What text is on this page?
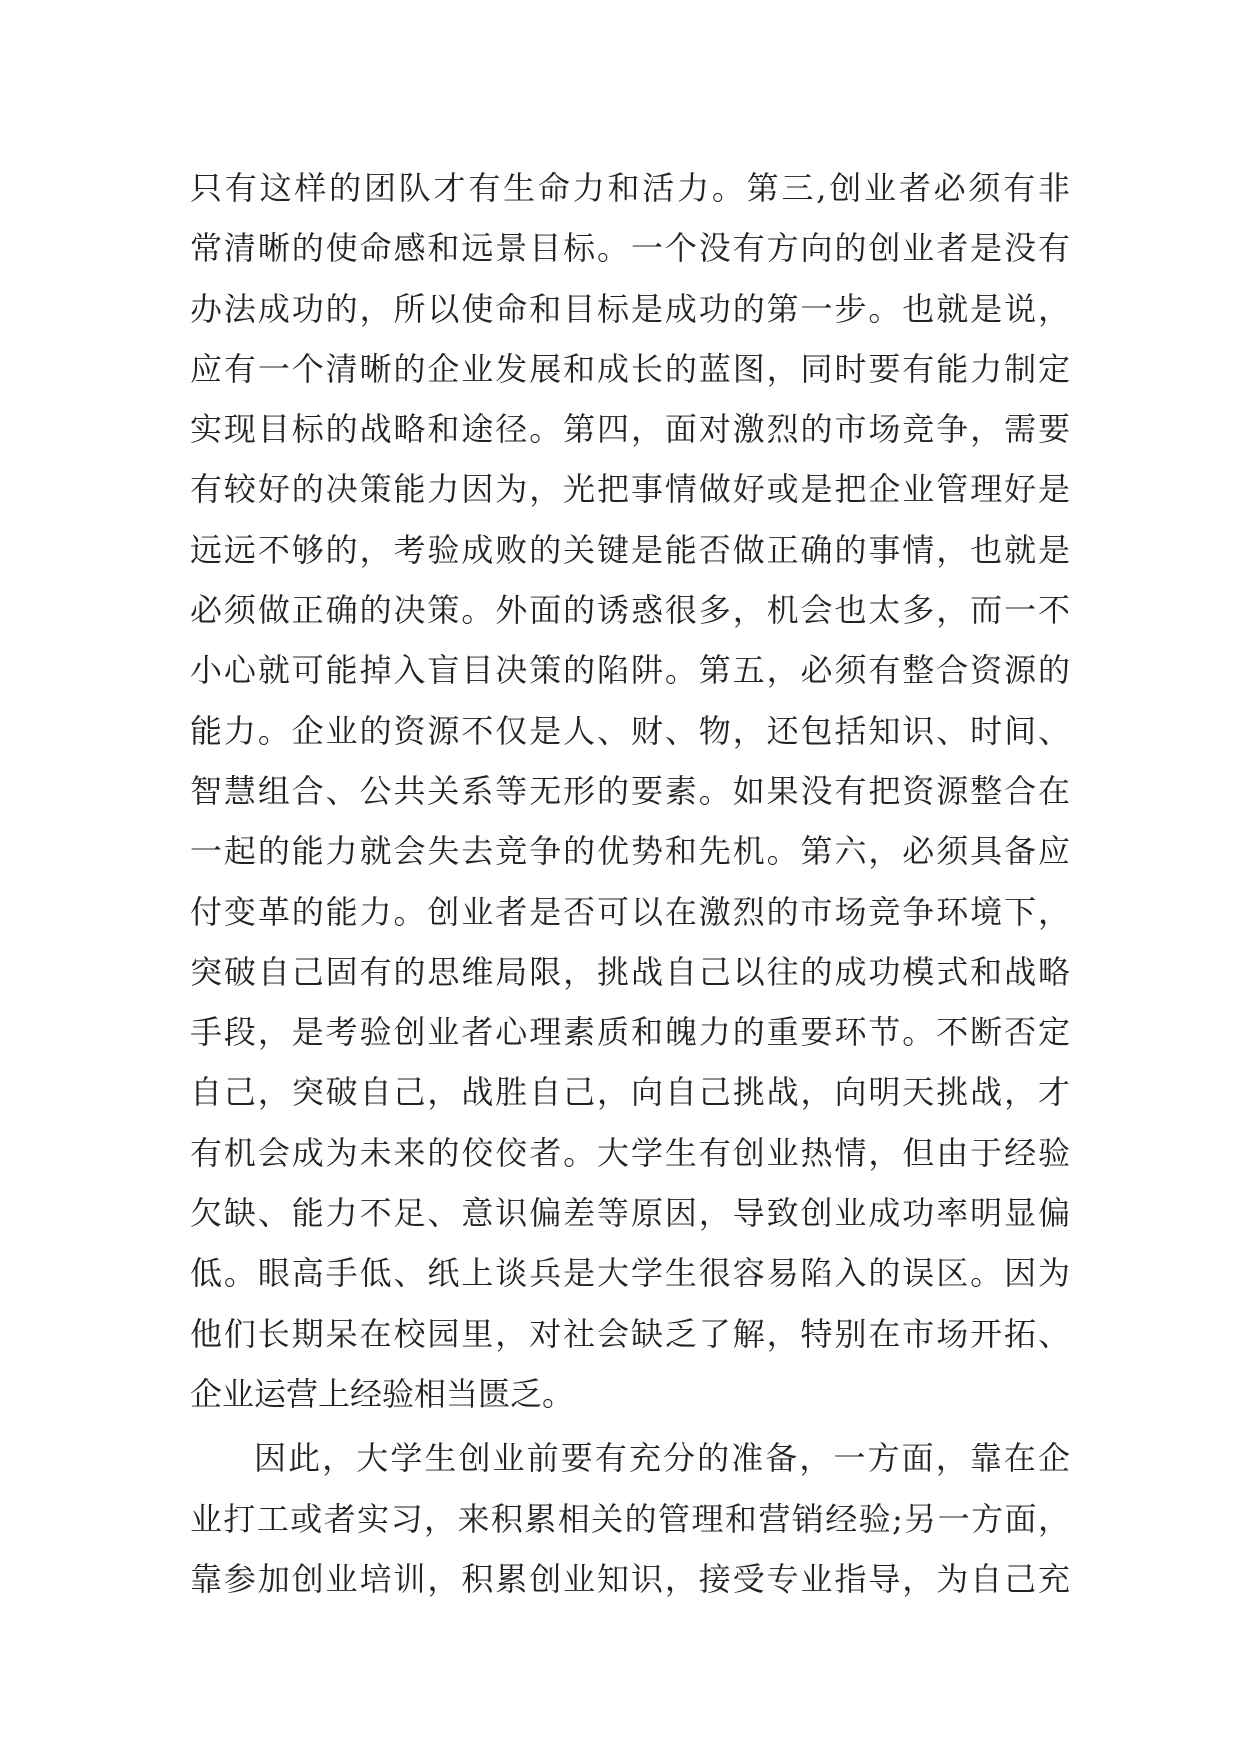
只有这样的团队才有生命力和活力。第三,创业者必须有非
常清晰的使命感和远景目标。一个没有方向的创业者是没有
办法成功的，所以使命和目标是成功的第一步。也就是说，
应有一个清晰的企业发展和成长的蓝图，同时要有能力制定
实现目标的战略和途径。第四，面对激烈的市场竞争，需要
有较好的决策能力因为，光把事情做好或是把企业管理好是
远远不够的，考验成败的关键是能否做正确的事情，也就是
必须做正确的决策。外面的诱惑很多，机会也太多，而一不
小心就可能掉入盲目决策的陷阱。第五，必须有整合资源的
能力。企业的资源不仅是人、财、物，还包括知识、时间、
智慧组合、公共关系等无形的要素。如果没有把资源整合在
一起的能力就会失去竞争的优势和先机。第六，必须具备应
付变革的能力。创业者是否可以在激烈的市场竞争环境下，
突破自己固有的思维局限，挑战自己以往的成功模式和战略
手段，是考验创业者心理素质和魄力的重要环节。不断否定
自己，突破自己，战胜自己，向自己挑战，向明天挑战，才
有机会成为未来的佼佼者。大学生有创业热情，但由于经验
欠缺、能力不足、意识偏差等原因，导致创业成功率明显偏
低。眼高手低、纸上谈兵是大学生很容易陷入的误区。因为
他们长期呆在校园里，对社会缺乏了解，特别在市场开拓、
企业运营上经验相当匮乏。
因此，大学生创业前要有充分的准备，一方面，靠在企
业打工或者实习，来积累相关的管理和营销经验;另一方面，
靠参加创业培训，积累创业知识，接受专业指导，为自己充
